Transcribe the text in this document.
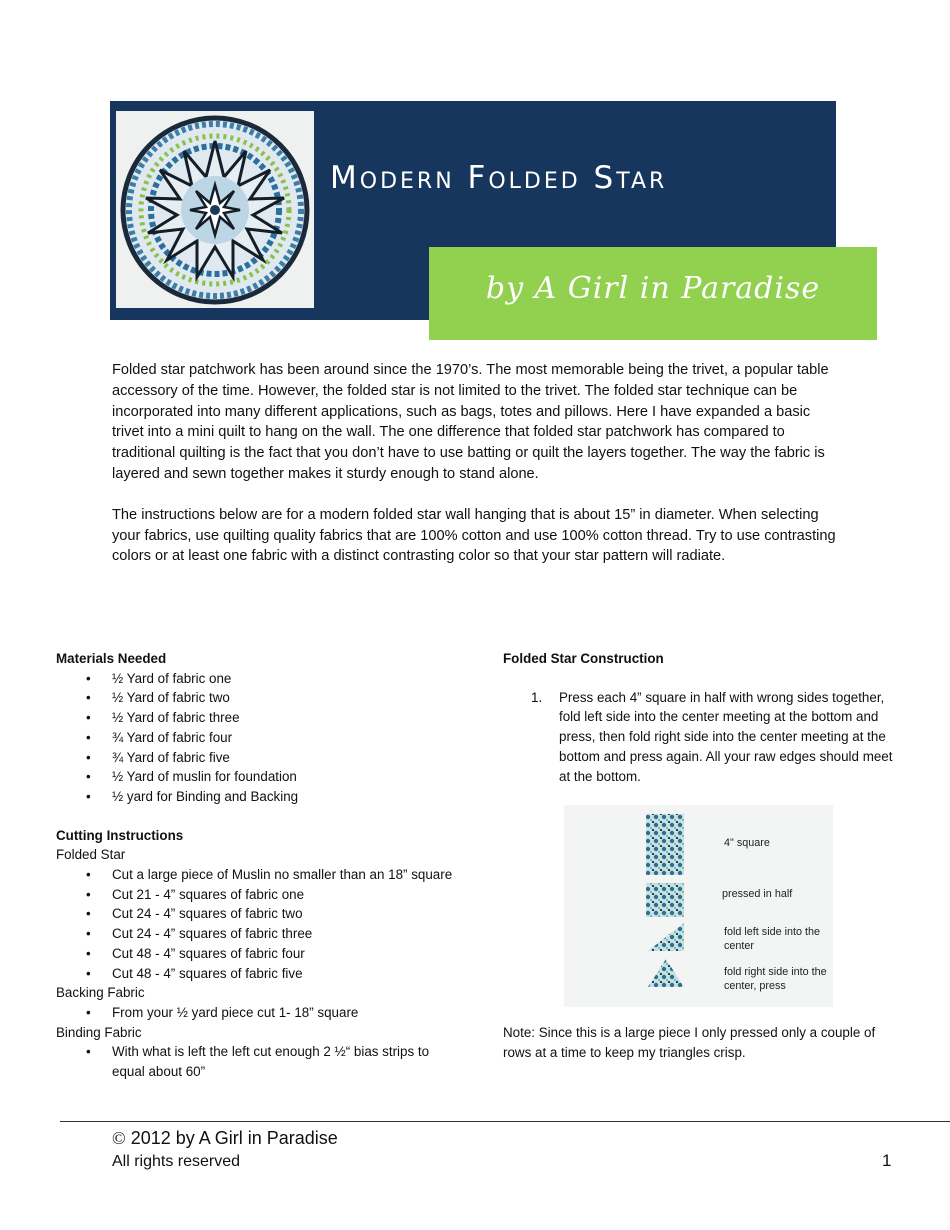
Modern Folded Star
by A Girl in Paradise

Folded star patchwork has been around since the 1970’s. The most memorable being the trivet, a popular table accessory of the time. However, the folded star is not limited to the trivet. The folded star technique can be incorporated into many different applications, such as bags, totes and pillows. Here I have expanded a basic trivet into a mini quilt to hang on the wall. The one difference that folded star patchwork has compared to traditional quilting is the fact that you don’t have to use batting or quilt the layers together. The way the fabric is layered and sewn together makes it sturdy enough to stand alone.

The instructions below are for a modern folded star wall hanging that is about 15” in diameter. When selecting your fabrics, use quilting quality fabrics that are 100% cotton and use 100% cotton thread. Try to use contrasting colors or at least one fabric with a distinct contrasting color so that your star pattern will radiate.

Materials Needed

• ½ Yard of fabric one
• ½ Yard of fabric two
• ½ Yard of fabric three
• ¾ Yard of fabric four
• ¾ Yard of fabric five
• ½ Yard of muslin for foundation
• ½ yard for Binding and Backing

Cutting Instructions

Folded Star

• Cut a large piece of Muslin no smaller than an 18” square
• Cut 21 - 4” squares of fabric one
• Cut 24 - 4” squares of fabric two
• Cut 24 - 4” squares of fabric three
• Cut 48 - 4” squares of fabric four
• Cut 48 - 4” squares of fabric five

Backing Fabric

• From your ½ yard piece cut 1- 18” square

Binding Fabric

• With what is left the left cut enough 2 ½“ bias strips to equal about 60”

Folded Star Construction

1. Press each 4” square in half with wrong sides together, fold left side into the center meeting at the bottom and press, then fold right side into the center meeting at the bottom and press again. All your raw edges should meet at the bottom.
4" square
pressed in half
fold left side into the center
fold right side into the center, press

Note: Since this is a large piece I only pressed only a couple of rows at a time to keep my triangles crisp.

© 2012 by A Girl in Paradise
All rights reserved	1
